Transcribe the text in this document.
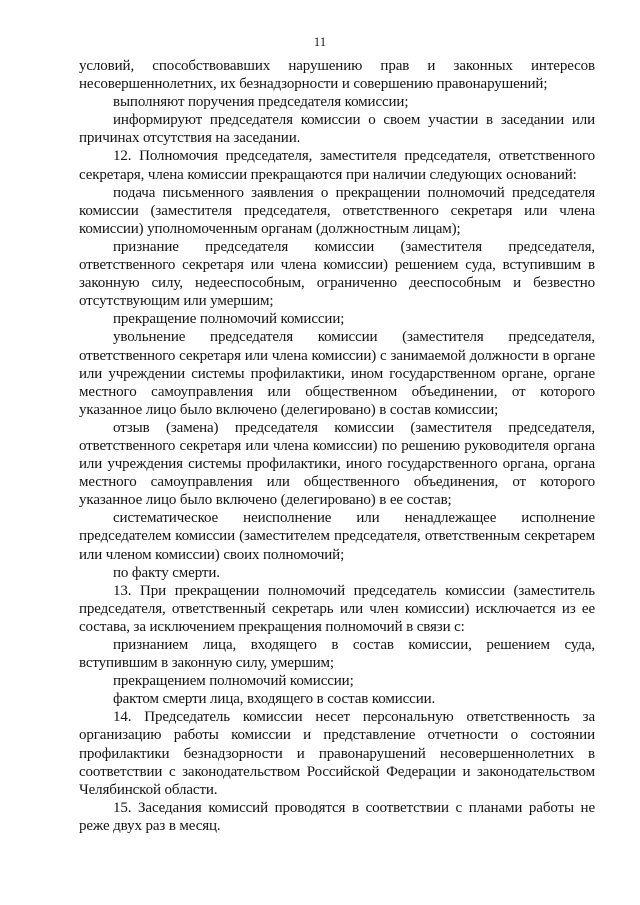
11

условий, способствовавших нарушению прав и законных интересов несовершеннолетних, их безнадзорности и совершению правонарушений;

выполняют поручения председателя комиссии;

информируют председателя комиссии о своем участии в заседании или причинах отсутствия на заседании.

12. Полномочия председателя, заместителя председателя, ответственного секретаря, члена комиссии прекращаются при наличии следующих оснований:

подача письменного заявления о прекращении полномочий председателя комиссии (заместителя председателя, ответственного секретаря или члена комиссии) уполномоченным органам (должностным лицам);

признание председателя комиссии (заместителя председателя, ответственного секретаря или члена комиссии) решением суда, вступившим в законную силу, недееспособным, ограниченно дееспособным и безвестно отсутствующим или умершим;

прекращение полномочий комиссии;

увольнение председателя комиссии (заместителя председателя, ответственного секретаря или члена комиссии) с занимаемой должности в органе или учреждении системы профилактики, ином государственном органе, органе местного самоуправления или общественном объединении, от которого указанное лицо было включено (делегировано) в состав комиссии;

отзыв (замена) председателя комиссии (заместителя председателя, ответственного секретаря или члена комиссии) по решению руководителя органа или учреждения системы профилактики, иного государственного органа, органа местного самоуправления или общественного объединения, от которого указанное лицо было включено (делегировано) в ее состав;

систематическое неисполнение или ненадлежащее исполнение председателем комиссии (заместителем председателя, ответственным секретарем или членом комиссии) своих полномочий;

по факту смерти.

13. При прекращении полномочий председатель комиссии (заместитель председателя, ответственный секретарь или член комиссии) исключается из ее состава, за исключением прекращения полномочий в связи с:

признанием лица, входящего в состав комиссии, решением суда, вступившим в законную силу, умершим;

прекращением полномочий комиссии;

фактом смерти лица, входящего в состав комиссии.

14. Председатель комиссии несет персональную ответственность за организацию работы комиссии и представление отчетности о состоянии профилактики безнадзорности и правонарушений несовершеннолетних в соответствии с законодательством Российской Федерации и законодательством Челябинской области.

15. Заседания комиссий проводятся в соответствии с планами работы не реже двух раз в месяц.
